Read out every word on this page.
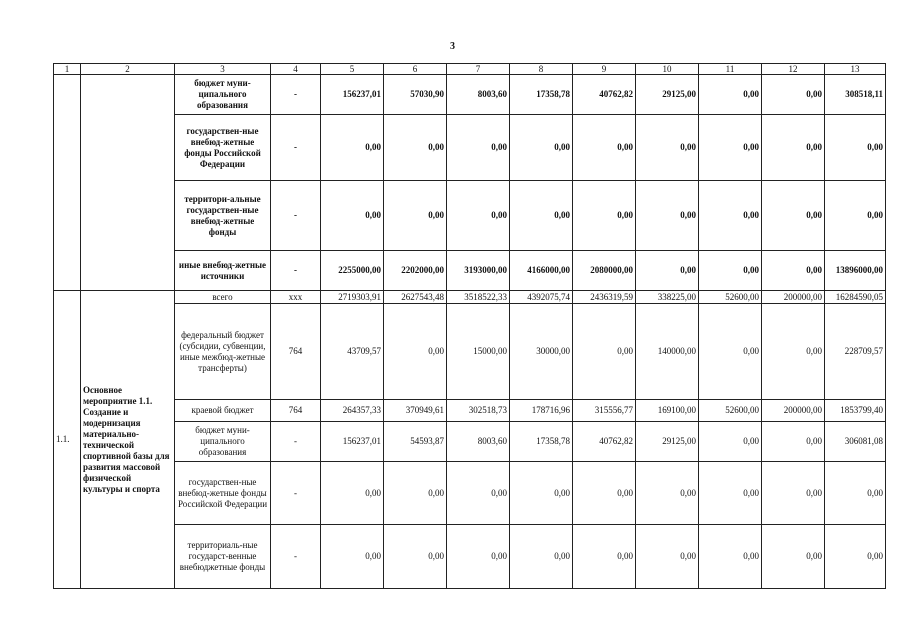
3
1	2	3	4	5	6	7	8	9	10	11	12	13
		бюджет муни-ципального образования	-	156237,01	57030,90	8003,60	17358,78	40762,82	29125,00	0,00	0,00	308518,11
		государствен-ные внебюд-жетные фонды Российской Федерации	-	0,00	0,00	0,00	0,00	0,00	0,00	0,00	0,00	0,00
		территори-альные государствен-ные внебюд-жетные фонды	-	0,00	0,00	0,00	0,00	0,00	0,00	0,00	0,00	0,00
		иные внебюд-жетные источники	-	2255000,00	2202000,00	3193000,00	4166000,00	2080000,00	0,00	0,00	0,00	13896000,00
1.1.	Основное мероприятие 1.1. Создание и модернизация материально-технической спортивной базы для развития массовой физической культуры и спорта	всего	xxx	2719303,91	2627543,48	3518522,33	4392075,74	2436319,59	338225,00	52600,00	200000,00	16284590,05
		федеральный бюджет (субсидии, субвенции, иные межбюд-жетные трансферты)	764	43709,57	0,00	15000,00	30000,00	0,00	140000,00	0,00	0,00	228709,57
		краевой бюджет	764	264357,33	370949,61	302518,73	178716,96	315556,77	169100,00	52600,00	200000,00	1853799,40
		бюджет муни-ципального образования	-	156237,01	54593,87	8003,60	17358,78	40762,82	29125,00	0,00	0,00	306081,08
		государствен-ные внебюд-жетные фонды Российской Федерации	-	0,00	0,00	0,00	0,00	0,00	0,00	0,00	0,00	0,00
		территориаль-ные государст-венные внебюджетные фонды	-	0,00	0,00	0,00	0,00	0,00	0,00	0,00	0,00	0,00
